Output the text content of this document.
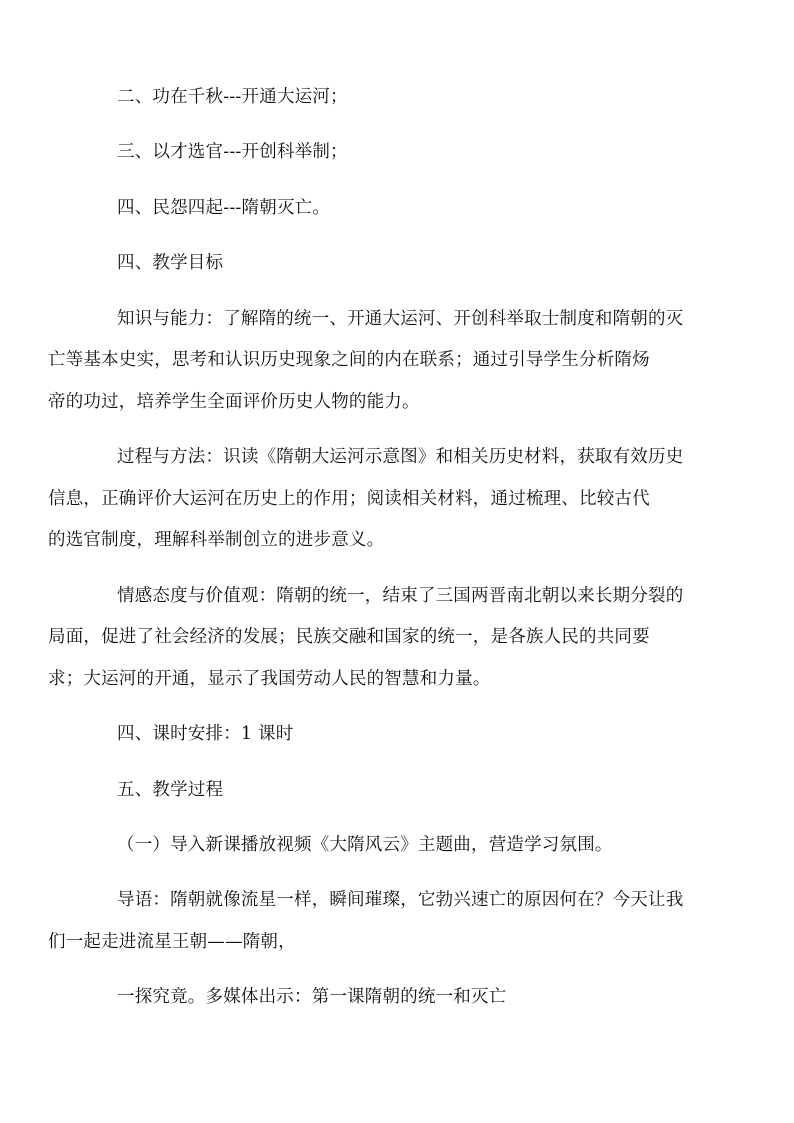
二、功在千秋---开通大运河；
三、以才选官---开创科举制；
四、民怨四起---隋朝灭亡。
四、教学目标
知识与能力：了解隋的统一、开通大运河、开创科举取士制度和隋朝的灭
亡等基本史实，思考和认识历史现象之间的内在联系；通过引导学生分析隋炀
帝的功过，培养学生全面评价历史人物的能力。
过程与方法：识读《隋朝大运河示意图》和相关历史材料，获取有效历史
信息，正确评价大运河在历史上的作用；阅读相关材料，通过梳理、比较古代
的选官制度，理解科举制创立的进步意义。
情感态度与价值观：隋朝的统一，结束了三国两晋南北朝以来长期分裂的
局面，促进了社会经济的发展；民族交融和国家的统一，是各族人民的共同要
求；大运河的开通，显示了我国劳动人民的智慧和力量。
四、课时安排：1 课时
五、教学过程
（一）导入新课播放视频《大隋风云》主题曲，营造学习氛围。
导语：隋朝就像流星一样，瞬间璀璨，它勃兴速亡的原因何在？今天让我
们一起走进流星王朝——隋朝，
一探究竟。多媒体出示：第一课隋朝的统一和灭亡
